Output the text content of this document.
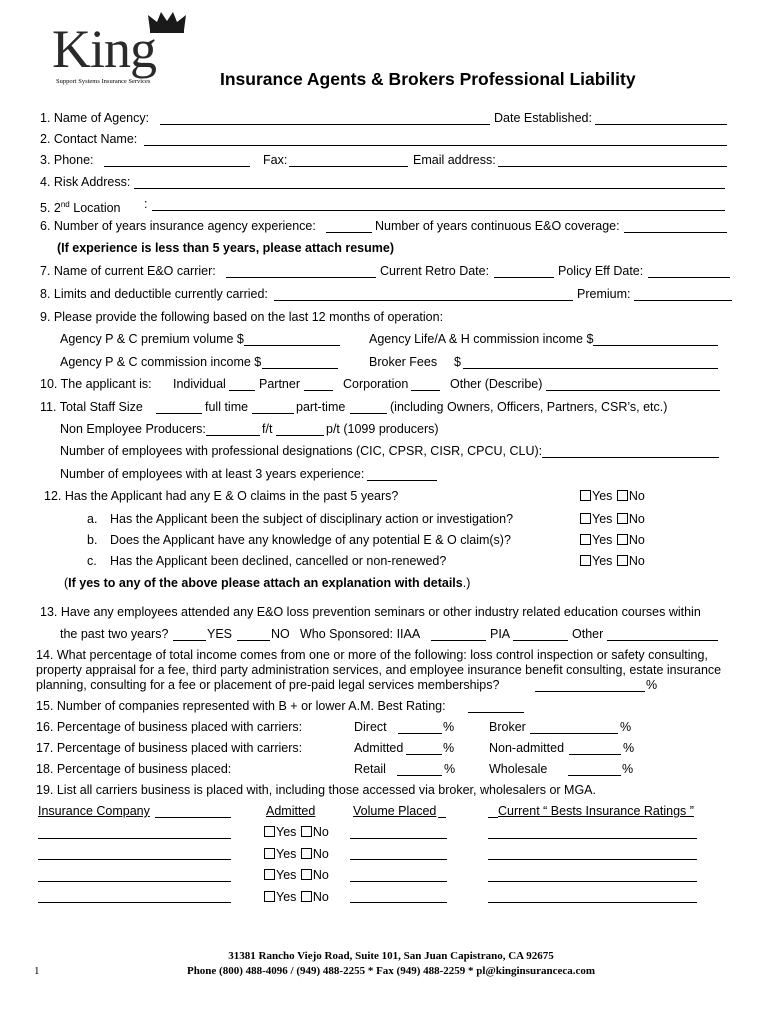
King
Support Systems Insurance Services	Insurance Agents & Brokers Professional Liability
1. Name of Agency:	Date Established:
2. Contact Name:
3. Phone:	Fax:	Email address:
4. Risk Address:
5. 2nd Location :
6. Number of years insurance agency experience:	Number of years continuous E&O coverage:
(If experience is less than 5 years, please attach resume)
7. Name of current E&O carrier:	Current Retro Date:	Policy Eff Date:
8. Limits and deductible currently carried:	Premium:
9. Please provide the following based on the last 12 months of operation:
Agency P & C premium volume $	Agency Life/A & H commission income $
Agency P & C commission income $	Broker Fees $
10. The applicant is: Individual	Partner	Corporation	Other (Describe)
11. Total Staff Size	full time	part-time	(including Owners, Officers, Partners, CSR’s, etc.)
Non Employee Producers:	f/t	p/t (1099 producers)
Number of employees with professional designations (CIC, CPSR, CISR, CPCU, CLU):
Number of employees with at least 3 years experience:
12. Has the Applicant had any E & O claims in the past 5 years?	Yes No
a. Has the Applicant been the subject of disciplinary action or investigation?	Yes No
b. Does the Applicant have any knowledge of any potential E & O claim(s)?	Yes No
c. Has the Applicant been declined, cancelled or non-renewed?	Yes No
(If yes to any of the above please attach an explanation with details.)
13. Have any employees attended any E&O loss prevention seminars or other industry related education courses within
the past two years?	YES	NO Who Sponsored: IIAA	PIA	Other
14. What percentage of total income comes from one or more of the following: loss control inspection or safety consulting,
property appraisal for a fee, third party administration services, and employee insurance benefit consulting, estate insurance
planning, consulting for a fee or placement of pre-paid legal services memberships?	%
15. Number of companies represented with B + or lower A.M. Best Rating:
16. Percentage of business placed with carriers:	Direct	%	Broker	%
17. Percentage of business placed with carriers:	Admitted	%	Non-admitted	%
18. Percentage of business placed:	Retail	%	Wholesale	%
19. List all carriers business is placed with, including those accessed via broker, wholesalers or MGA.
Insurance Company	Admitted	Volume Placed	Current “ Bests Insurance Ratings ”
Yes No
Yes No
Yes No
Yes No
31381 Rancho Viejo Road, Suite 101, San Juan Capistrano, CA 92675
1	Phone (800) 488-4096 / (949) 488-2255 * Fax (949) 488-2259 * pl@kinginsuranceca.com
